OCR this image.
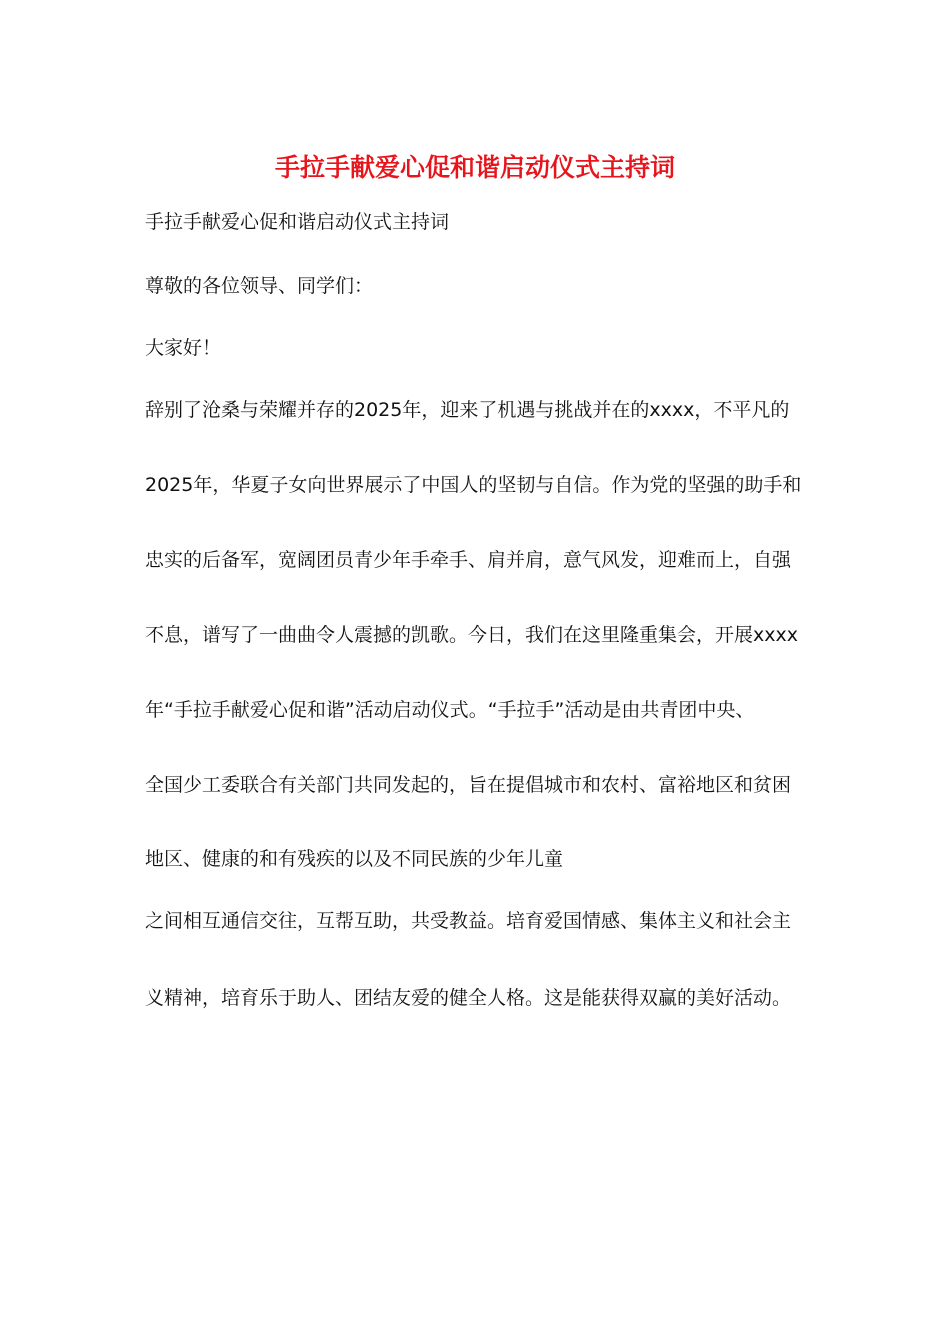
手拉手献爱心促和谐启动仪式主持词

手拉手献爱心促和谐启动仪式主持词

尊敬的各位领导、同学们：

大家好！

辞别了沧桑与荣耀并存的2025年，迎来了机遇与挑战并在的xxxx，不平凡的

2025年，华夏子女向世界展示了中国人的坚韧与自信。作为党的坚强的助手和

忠实的后备军，宽阔团员青少年手牵手、肩并肩，意气风发，迎难而上，自强

不息，谱写了一曲曲令人震撼的凯歌。今日，我们在这里隆重集会，开展xxxx

年“手拉手献爱心促和谐”活动启动仪式。“手拉手”活动是由共青团中央、

全国少工委联合有关部门共同发起的，旨在提倡城市和农村、富裕地区和贫困

地区、健康的和有残疾的以及不同民族的少年儿童

之间相互通信交往，互帮互助，共受教益。培育爱国情感、集体主义和社会主

义精神，培育乐于助人、团结友爱的健全人格。这是能获得双赢的美好活动。
